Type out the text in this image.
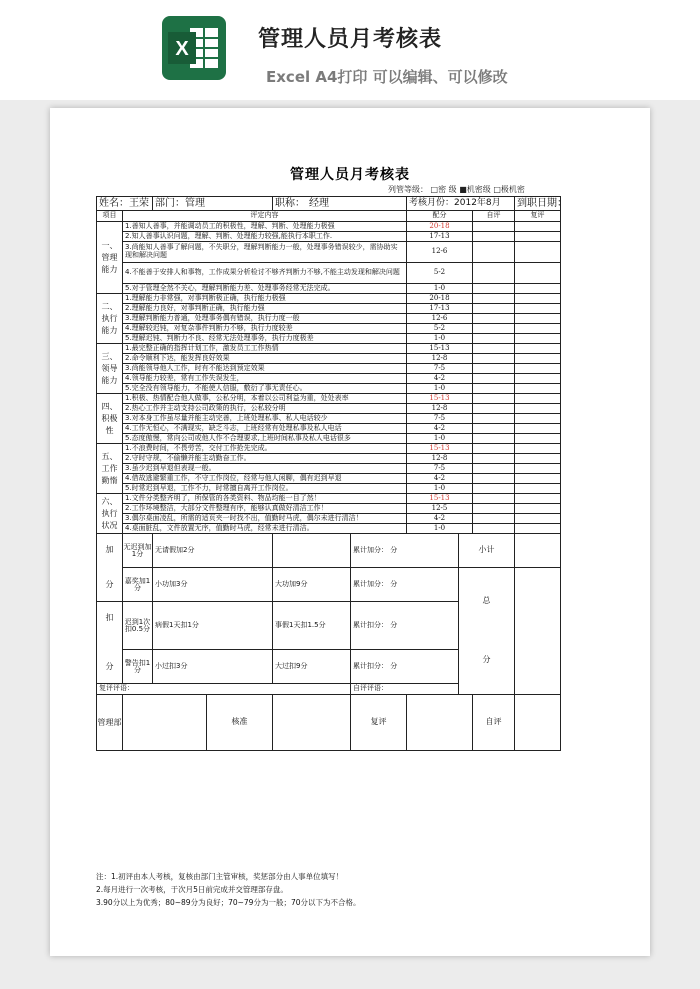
X	管理人员月考核表
Excel A4打印 可以编辑、可以修改
管理人员月考核表
列管等级： □密 级 ■机密级 □极机密
姓名：王荣		部门：管理		职称： 经理		考核月份：2012年8月			到职日期：
项目	评定内容					配分		自评	复评
一、管理能力	1.善知人善事，并能调动员工的积极性，理解、判断、处理能力极强					20-18			
	2.知人善事认识问题，理解、判断、处理能力较强,能执行本职工作.					17-13			
	3.尚能知人善事了解问题，不失职分，理解判断能力一般，处理事务错误较少，需协助实现和解决问题					12-6			
	4.不能善于安排人和事物，工作成果分析检讨不够齐判断力不够,不能主动发现和解决问题					5-2			
	5.对于管理全然不关心，理解判断能力差、处理事务经常无法完成。					1-0			
二、执行能力	1.理解能力非常强，对事判断极正确，执行能力极强					20-18			
	2.理解能力良好，对事判断正确，执行能力强					17-13			
	3.理解判断能力普通，处理事务偶有错误，执行力度一般					12-6			
	4.理解较迟钝，对复杂事件判断力不够，执行力度较差					5-2			
	5.理解迟钝、判断力不良、经常无法处理事务，执行力度极差					1-0			
三、领导能力	1.最完整正确的指挥计划工作，激发员工工作热情					15-13			
	2.命令顺利下达，能发挥良好效果					12-8			
	3.尚能领导他人工作，时有不能达到预定效果					7-5			
	4.领导能力较差，常有工作失误发生，					4-2			
	5.完全没有领导能力，不能使人信服，敷衍了事无责任心。					1-0			
四、积极性	1.积极、热情配合他人做事，公私分明，本着以公司利益为重，处处表率					15-13			
	2.热心工作并主动支持公司政策的执行，公私较分明					12-8			
	3.对本身工作虽尽量并能主动完善，上班处理私事、私人电话较少					7-5			
	4.工作无恒心，不满现实，缺乏斗志，上班经常有处理私事及私人电话					4-2			
	5.态度傲慢，常向公司或他人作不合理要求,上班时间私事及私人电话很多					1-0			
五、工作勤惰	1.不浪费时间，不畏劳苦，交付工作抢先完成。					15-13			
	2.守时守规，不偷懒并能主动勤奋工作。					12-8			
	3.虽少迟到早退但表现一般。					7-5			
	4.借故逃避繁重工作，不守工作岗位，经常与他人闲聊，偶有迟到早退					4-2			
	5.时常迟到早退，工作不力，时常擅自离开工作岗位。					1-0			
六、执行状况	1.文件分类整齐明了，所保管的各类资料、物品均能一目了然！					15-13			
	2.工作环境整洁，大部分文件整理有序，能够认真做好清洁工作！					12-5			
	3.偶尔桌面凌乱，所需的适页夹一时找不出，值勤时马虎，偶尔未进行清洁！					4-2			
	4.桌面脏乱，文件放置无序，值勤时马虎，经常未进行清洁。					1-0			

加
分	无迟到加1分	无请假加2分			累计加分： 分		小计		
	嘉奖加1分	小功加3分		大功加9分	累计加分： 分		总
分		

扣
分	迟到1次扣0.5分	病假1天扣1分		事假1天扣1.5分	累计扣分： 分				
	警告扣1分	小过扣3分		大过扣9分	累计扣分： 分				
复评评语：					自评评语：				
管理部			核准		复评			自评	
注：1.初评由本人考核，复核由部门主管审核，奖惩部分由人事单位填写！
2.每月进行一次考核，于次月5日前完成并交管理部存盘。
3.90分以上为优秀；80~89分为良好；70~79分为一般；70分以下为不合格。
